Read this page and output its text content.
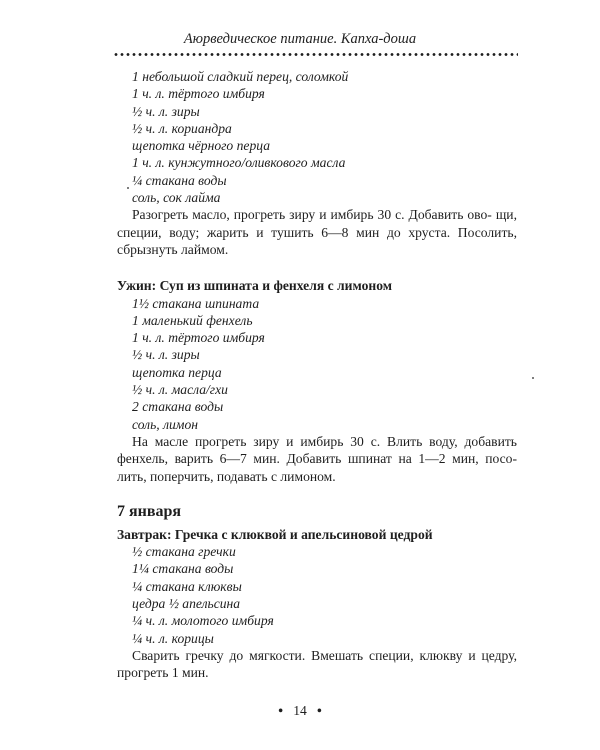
Аюрведическое питание. Капха-доша
1 небольшой сладкий перец, соломкой
1 ч. л. тёртого имбиря
½ ч. л. зиры
½ ч. л. кориандра
щепотка чёрного перца
1 ч. л. кунжутного/оливкового масла
¼ стакана воды
соль, сок лайма

Разогреть масло, прогреть зиру и имбирь 30 с. Добавить ово- щи, специи, воду; жарить и тушить 6—8 мин до хруста. Посолить, сбрызнуть лаймом.

Ужин: Суп из шпината и фенхеля с лимоном

1½ стакана шпината
1 маленький фенхель
1 ч. л. тёртого имбиря
½ ч. л. зиры
щепотка перца
½ ч. л. масла/гхи
2 стакана воды
соль, лимон

На масле прогреть зиру и имбирь 30 с. Влить воду, добавить фенхель, варить 6—7 мин. Добавить шпинат на 1—2 мин, посо- лить, поперчить, подавать с лимоном.

7 января

Завтрак: Гречка с клюквой и апельсиновой цедрой

½ стакана гречки
1¼ стакана воды
¼ стакана клюквы
цедра ½ апельсина
¼ ч. л. молотого имбиря
¼ ч. л. корицы

Сварить гречку до мягкости. Вмешать специи, клюкву и цедру, прогреть 1 мин.

• 14 •
